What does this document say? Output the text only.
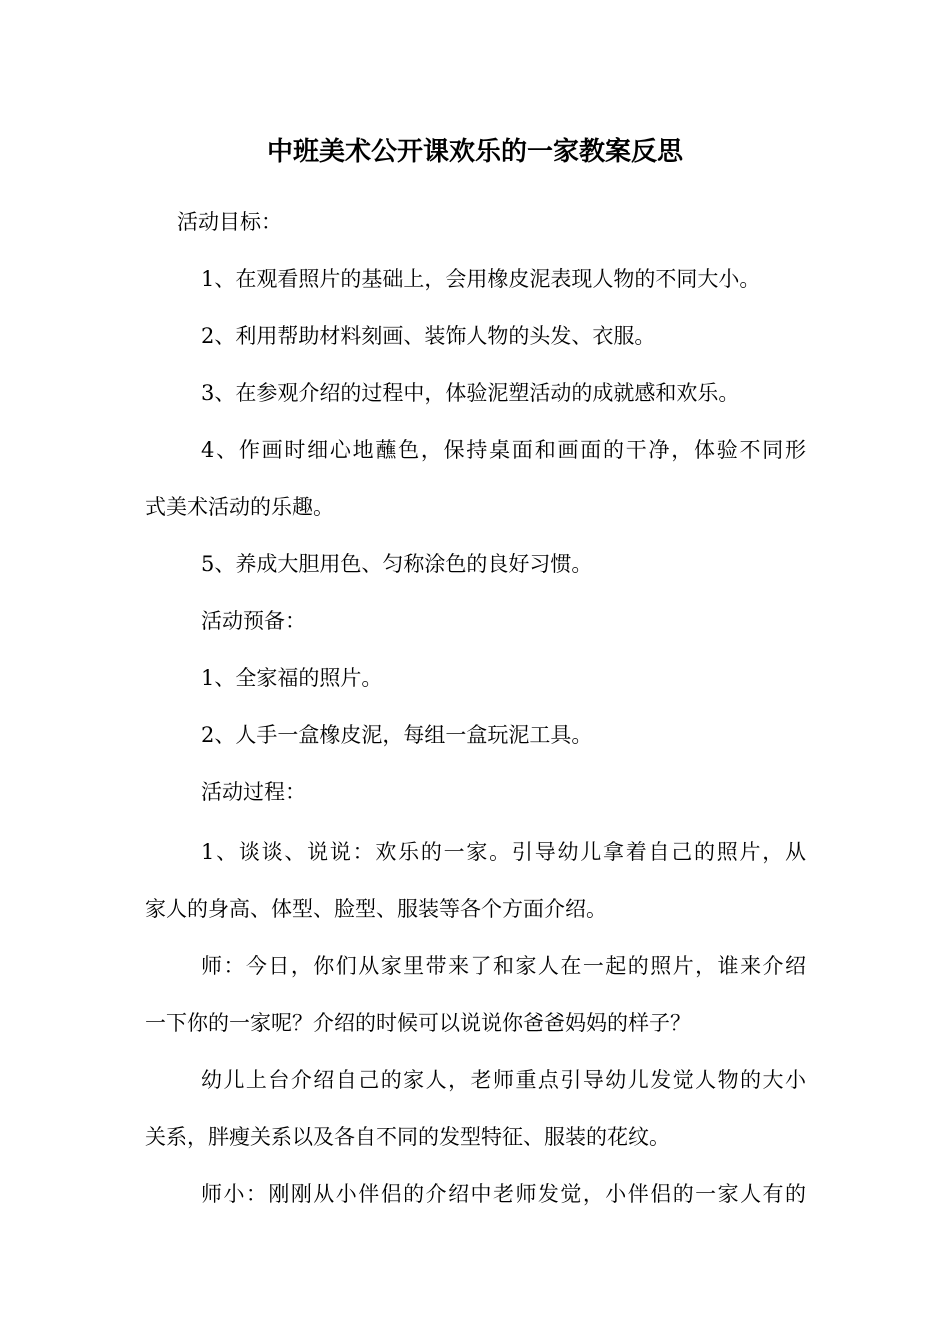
中班美术公开课欢乐的一家教案反思

活动目标：

1、在观看照片的基础上，会用橡皮泥表现人物的不同大小。

2、利用帮助材料刻画、装饰人物的头发、衣服。

3、在参观介绍的过程中，体验泥塑活动的成就感和欢乐。

4、作画时细心地蘸色，保持桌面和画面的干净，体验不同形

式美术活动的乐趣。

5、养成大胆用色、匀称涂色的良好习惯。

活动预备：

1、全家福的照片。

2、人手一盒橡皮泥，每组一盒玩泥工具。

活动过程：

1、谈谈、说说：欢乐的一家。引导幼儿拿着自己的照片，从

家人的身高、体型、脸型、服装等各个方面介绍。

师：今日，你们从家里带来了和家人在一起的照片，谁来介绍

一下你的一家呢？介绍的时候可以说说你爸爸妈妈的样子？

幼儿上台介绍自己的家人，老师重点引导幼儿发觉人物的大小

关系，胖瘦关系以及各自不同的发型特征、服装的花纹。

师小：刚刚从小伴侣的介绍中老师发觉，小伴侣的一家人有的
